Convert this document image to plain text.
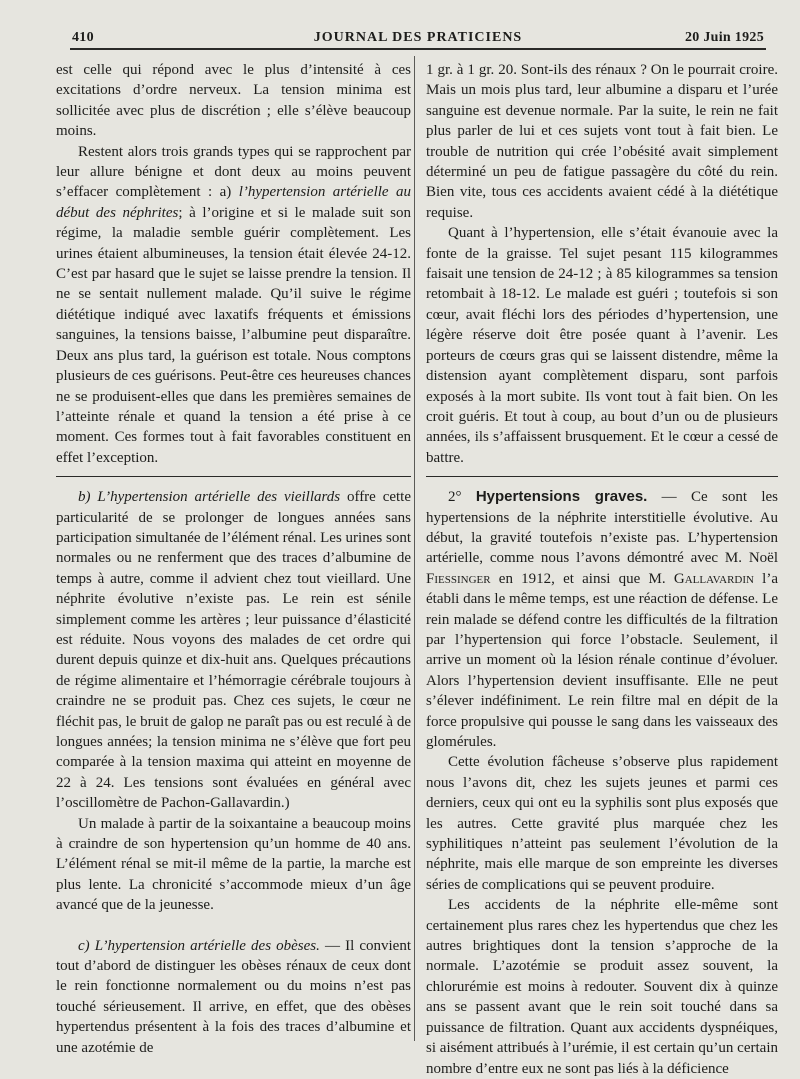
410	JOURNAL DES PRATICIENS	20 Juin 1925

est celle qui répond avec le plus d’intensité à ces excitations d’ordre nerveux. La tension minima est sollicitée avec plus de discrétion ; elle s’élève beaucoup moins.

Restent alors trois grands types qui se rapprochent par leur allure bénigne et dont deux au moins peuvent s’effacer complètement : a) l’hypertension artérielle au début des néphrites; à l’origine et si le malade suit son régime, la maladie semble guérir complètement. Les urines étaient albumineuses, la tension était élevée 24-12. C’est par hasard que le sujet se laisse prendre la tension. Il ne se sentait nullement malade. Qu’il suive le régime diététique indiqué avec laxatifs fréquents et émissions sanguines, la tensions baisse, l’albumine peut disparaître. Deux ans plus tard, la guérison est totale. Nous comptons plusieurs de ces guérisons. Peut-être ces heureuses chances ne se produisent-elles que dans les premières semaines de l’atteinte rénale et quand la tension a été prise à ce moment. Ces formes tout à fait favorables constituent en effet l’exception.

b) L’hypertension artérielle des vieillards offre cette particularité de se prolonger de longues années sans participation simultanée de l’élément rénal. Les urines sont normales ou ne renferment que des traces d’albumine de temps à autre, comme il advient chez tout vieillard. Une néphrite évolutive n’existe pas. Le rein est sénile simplement comme les artères ; leur puissance d’élasticité est réduite. Nous voyons des malades de cet ordre qui durent depuis quinze et dix-huit ans. Quelques précautions de régime alimentaire et l’hémorragie cérébrale toujours à craindre ne se produit pas. Chez ces sujets, le cœur ne fléchit pas, le bruit de galop ne paraît pas ou est reculé à de longues années; la tension minima ne s’élève que fort peu comparée à la tension maxima qui atteint en moyenne de 22 à 24. Les tensions sont évaluées en général avec l’oscillomètre de Pachon-Gallavardin.)

Un malade à partir de la soixantaine a beaucoup moins à craindre de son hypertension qu’un homme de 40 ans. L’élément rénal se mit-il même de la partie, la marche est plus lente. La chronicité s’accommode mieux d’un âge avancé que de la jeunesse.

c) L’hypertension artérielle des obèses. — Il convient tout d’abord de distinguer les obèses rénaux de ceux dont le rein fonctionne normalement ou du moins n’est pas touché sérieusement. Il arrive, en effet, que des obèses hypertendus présentent à la fois des traces d’albumine et une azotémie de

1 gr. à 1 gr. 20. Sont-ils des rénaux ? On le pourrait croire. Mais un mois plus tard, leur albumine a disparu et l’urée sanguine est devenue normale. Par la suite, le rein ne fait plus parler de lui et ces sujets vont tout à fait bien. Le trouble de nutrition qui crée l’obésité avait simplement déterminé un peu de fatigue passagère du côté du rein. Bien vite, tous ces accidents avaient cédé à la diététique requise.

Quant à l’hypertension, elle s’était évanouie avec la fonte de la graisse. Tel sujet pesant 115 kilogrammes faisait une tension de 24-12 ; à 85 kilogrammes sa tension retombait à 18-12. Le malade est guéri ; toutefois si son cœur, avait fléchi lors des périodes d’hypertension, une légère réserve doit être posée quant à l’avenir. Les porteurs de cœurs gras qui se laissent distendre, même la distension ayant complètement disparu, sont parfois exposés à la mort subite. Ils vont tout à fait bien. On les croit guéris. Et tout à coup, au bout d’un ou de plusieurs années, ils s’affaissent brusquement. Et le cœur a cessé de battre.

2° Hypertensions graves. — Ce sont les hypertensions de la néphrite interstitielle évolutive. Au début, la gravité toutefois n’existe pas. L’hypertension artérielle, comme nous l’avons démontré avec M. Noël Fiessinger en 1912, et ainsi que M. Gallavardin l’a établi dans le même temps, est une réaction de défense. Le rein malade se défend contre les difficultés de la filtration par l’hypertension qui force l’obstacle. Seulement, il arrive un moment où la lésion rénale continue d’évoluer. Alors l’hypertension devient insuffisante. Elle ne peut s’élever indéfiniment. Le rein filtre mal en dépit de la force propulsive qui pousse le sang dans les vaisseaux des glomérules.

Cette évolution fâcheuse s’observe plus rapidement nous l’avons dit, chez les sujets jeunes et parmi ces derniers, ceux qui ont eu la syphilis sont plus exposés que les autres. Cette gravité plus marquée chez les syphilitiques n’atteint pas seulement l’évolution de la néphrite, mais elle marque de son empreinte les diverses séries de complications qui se peuvent produire.

Les accidents de la néphrite elle-même sont certainement plus rares chez les hypertendus que chez les autres brightiques dont la tension s’approche de la normale. L’azotémie se produit assez souvent, la chlorurémie est moins à redouter. Souvent dix à quinze ans se passent avant que le rein soit touché dans sa puissance de filtration. Quant aux accidents dyspnéiques, si aisément attribués à l’urémie, il est certain qu’un certain nombre d’entre eux ne sont pas liés à la déficience
